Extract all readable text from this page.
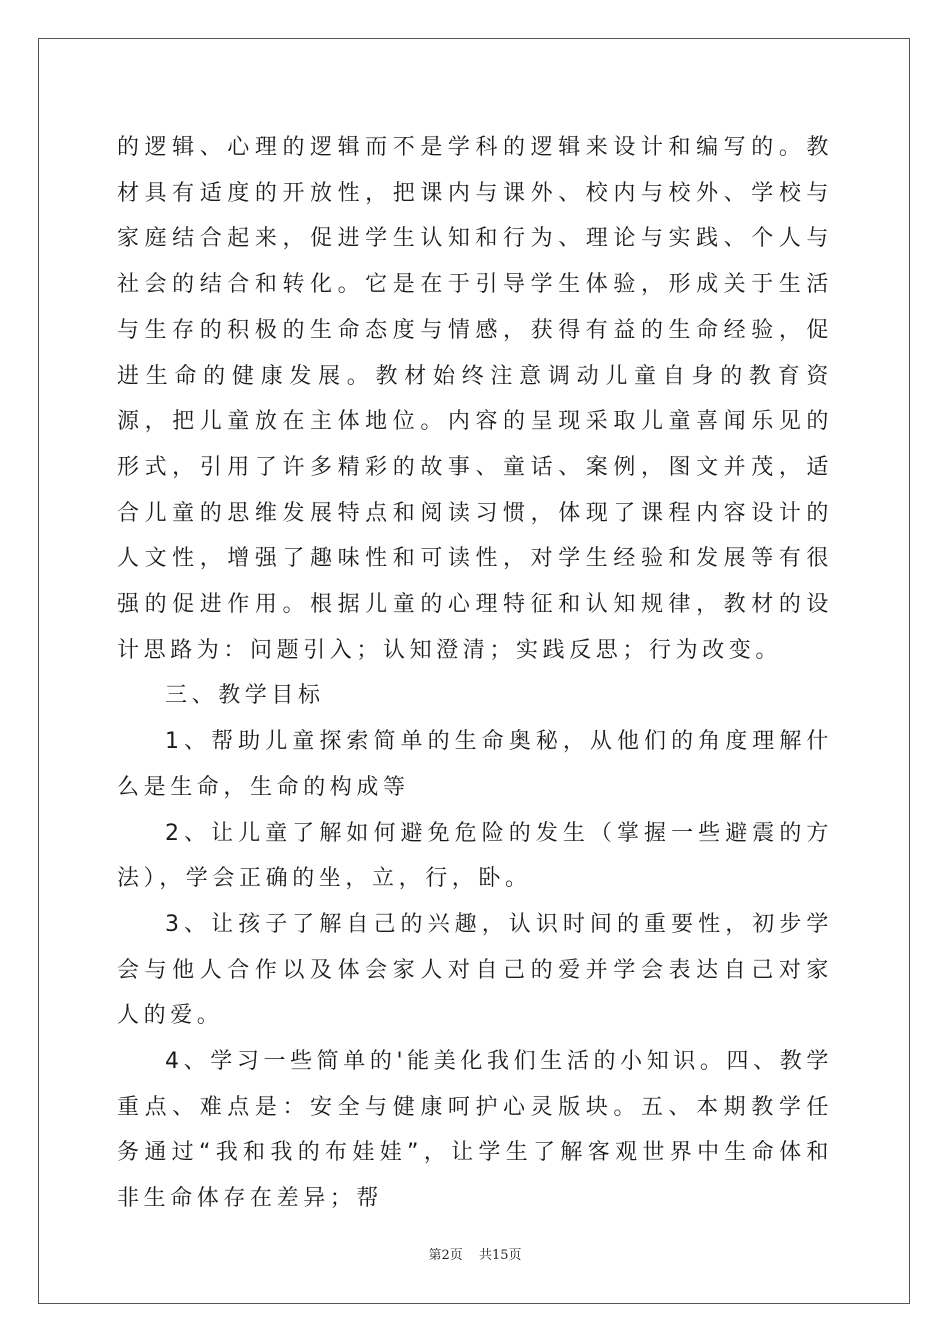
的逻辑、心理的逻辑而不是学科的逻辑来设计和编写的。教材具有适度的开放性，把课内与课外、校内与校外、学校与家庭结合起来，促进学生认知和行为、理论与实践、个人与社会的结合和转化。它是在于引导学生体验，形成关于生活与生存的积极的生命态度与情感，获得有益的生命经验，促进生命的健康发展。教材始终注意调动儿童自身的教育资源，把儿童放在主体地位。内容的呈现采取儿童喜闻乐见的形式，引用了许多精彩的故事、童话、案例，图文并茂，适合儿童的思维发展特点和阅读习惯，体现了课程内容设计的人文性，增强了趣味性和可读性，对学生经验和发展等有很强的促进作用。根据儿童的心理特征和认知规律，教材的设计思路为：问题引入；认知澄清；实践反思；行为改变。

三、教学目标

1、帮助儿童探索简单的生命奥秘，从他们的角度理解什么是生命，生命的构成等

2、让儿童了解如何避免危险的发生（掌握一些避震的方法），学会正确的坐，立，行，卧。

3、让孩子了解自己的兴趣，认识时间的重要性，初步学会与他人合作以及体会家人对自己的爱并学会表达自己对家人的爱。

4、学习一些简单的'能美化我们生活的小知识。四、教学重点、难点是：安全与健康呵护心灵版块。五、本期教学任务通过“我和我的布娃娃”，让学生了解客观世界中生命体和非生命体存在差异；帮

第2页 共15页
